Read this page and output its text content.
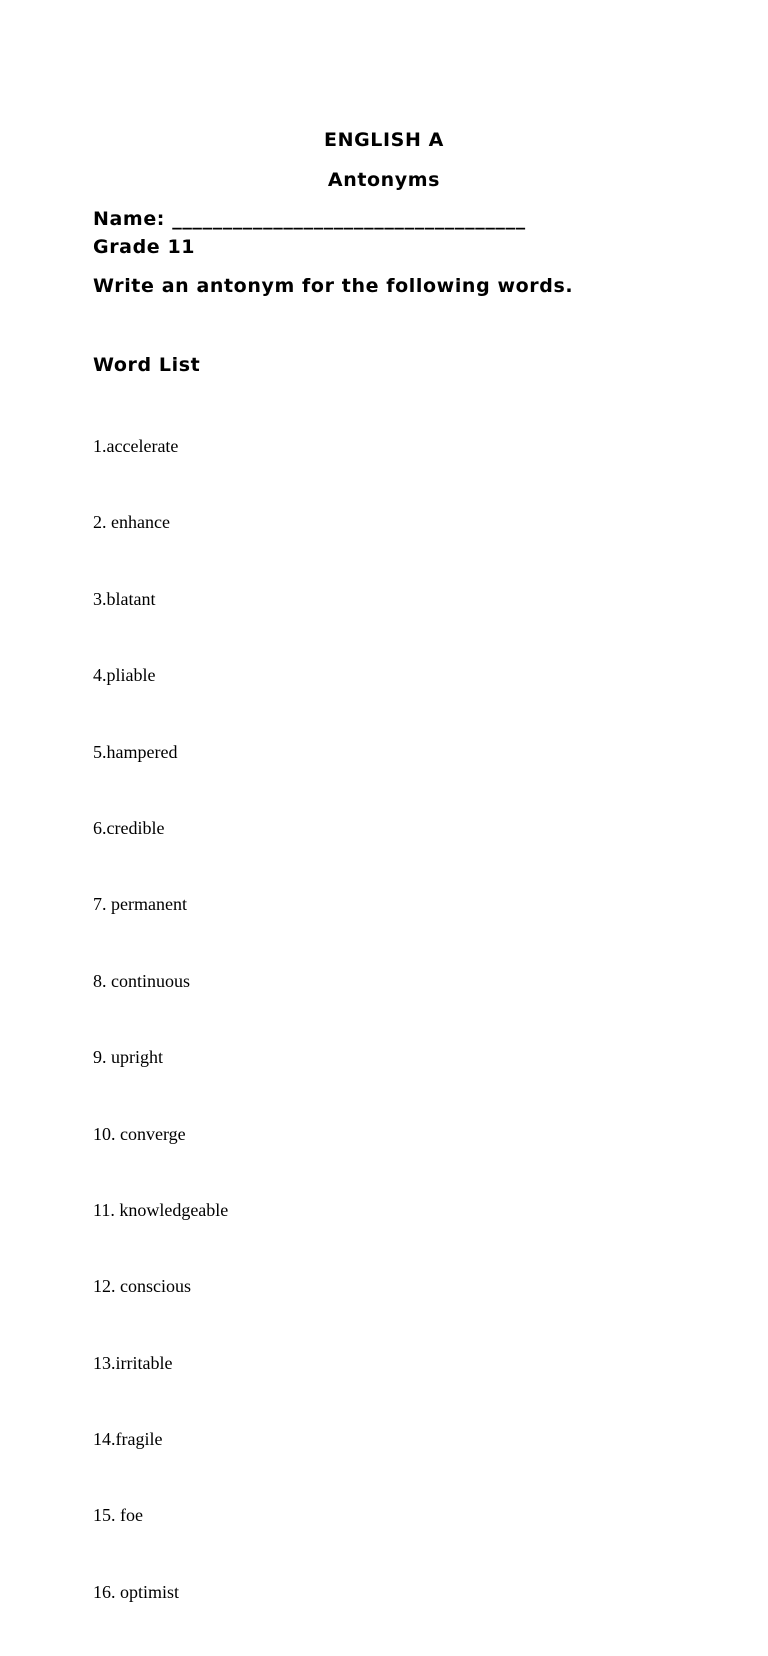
ENGLISH A
Antonyms
Name: ___________________________________
Grade 11
Write an antonym for the following words.
Word List

1.accelerate

2. enhance

3.blatant

4.pliable

5.hampered

6.credible

7. permanent

8. continuous

9. upright

10. converge

11. knowledgeable

12. conscious

13.irritable

14.fragile

15. foe

16. optimist
